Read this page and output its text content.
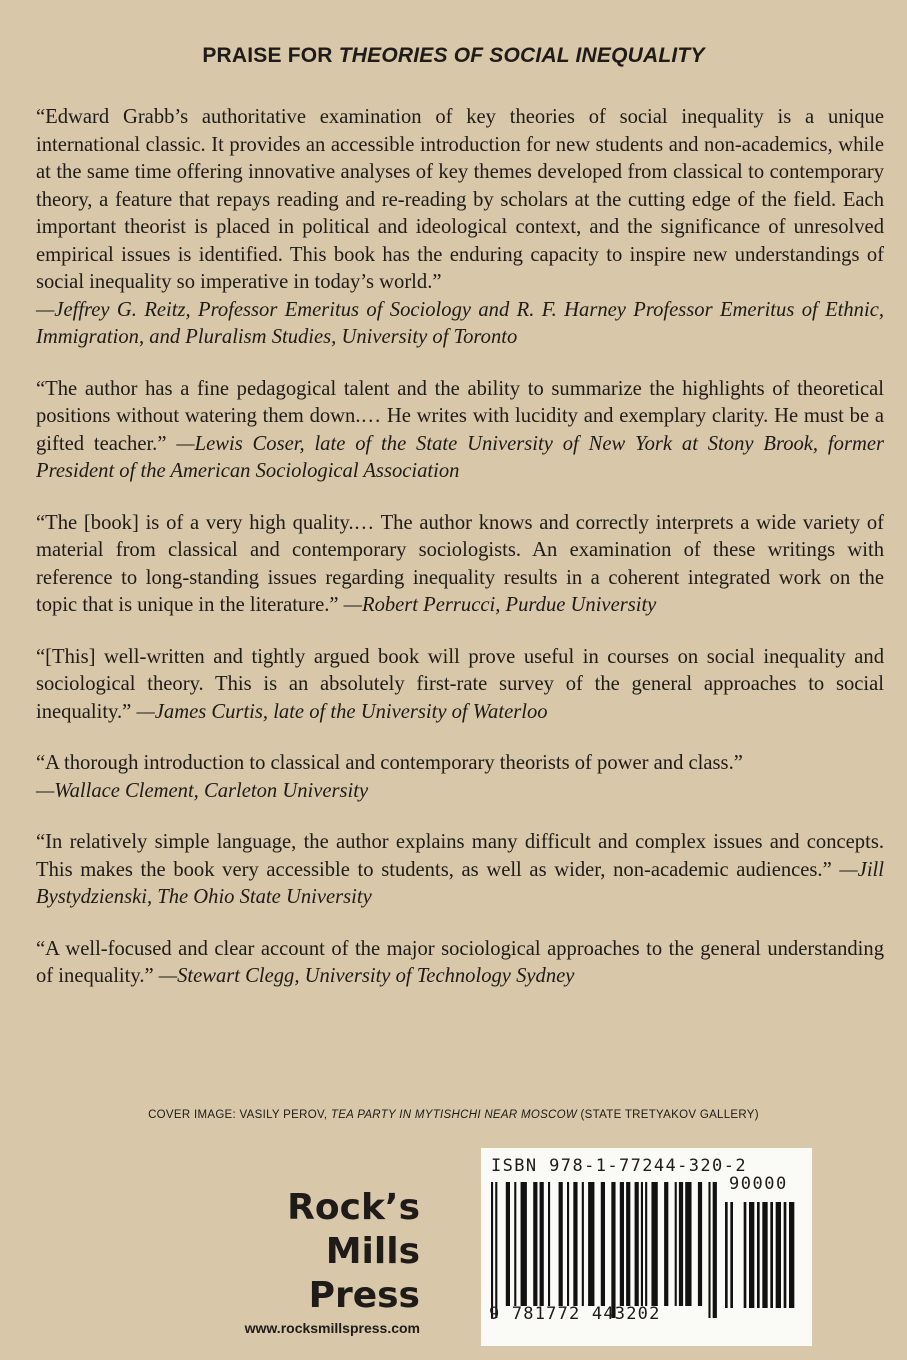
PRAISE FOR THEORIES OF SOCIAL INEQUALITY

“Edward Grabb’s authoritative examination of key theories of social inequality is a unique international classic. It provides an accessible introduction for new students and non-academics, while at the same time offering innovative analyses of key themes developed from classical to contemporary theory, a feature that repays reading and re-reading by scholars at the cutting edge of the field. Each important theorist is placed in political and ideological context, and the significance of unresolved empirical issues is identified. This book has the enduring capacity to inspire new understandings of social inequality so imperative in today’s world.”
—Jeffrey G. Reitz, Professor Emeritus of Sociology and R. F. Harney Professor Emeritus of Ethnic, Immigration, and Pluralism Studies, University of Toronto

“The author has a fine pedagogical talent and the ability to summarize the highlights of theoretical positions without watering them down.… He writes with lucidity and exemplary clarity. He must be a gifted teacher.” —Lewis Coser, late of the State University of New York at Stony Brook, former President of the American Sociological Association

“The [book] is of a very high quality.… The author knows and correctly interprets a wide variety of material from classical and contemporary sociologists. An examination of these writings with reference to long-standing issues regarding inequality results in a coherent integrated work on the topic that is unique in the literature.” —Robert Perrucci, Purdue University

“[This] well-written and tightly argued book will prove useful in courses on social inequality and sociological theory. This is an absolutely first-rate survey of the general approaches to social inequality.” —James Curtis, late of the University of Waterloo

“A thorough introduction to classical and contemporary theorists of power and class.”
—Wallace Clement, Carleton University

“In relatively simple language, the author explains many difficult and complex issues and concepts. This makes the book very accessible to students, as well as wider, non-academic audiences.” —Jill Bystydzienski, The Ohio State University

“A well-focused and clear account of the major sociological approaches to the general understanding of inequality.” —Stewart Clegg, University of Technology Sydney

COVER IMAGE: VASILY PEROV, TEA PARTY IN MYTISHCHI NEAR MOSCOW (STATE TRETYAKOV GALLERY)
Rock’s
Mills
Press
www.rocksmillspress.com
ISBN 978-1-77244-320-2
90000
9 781772 443202
